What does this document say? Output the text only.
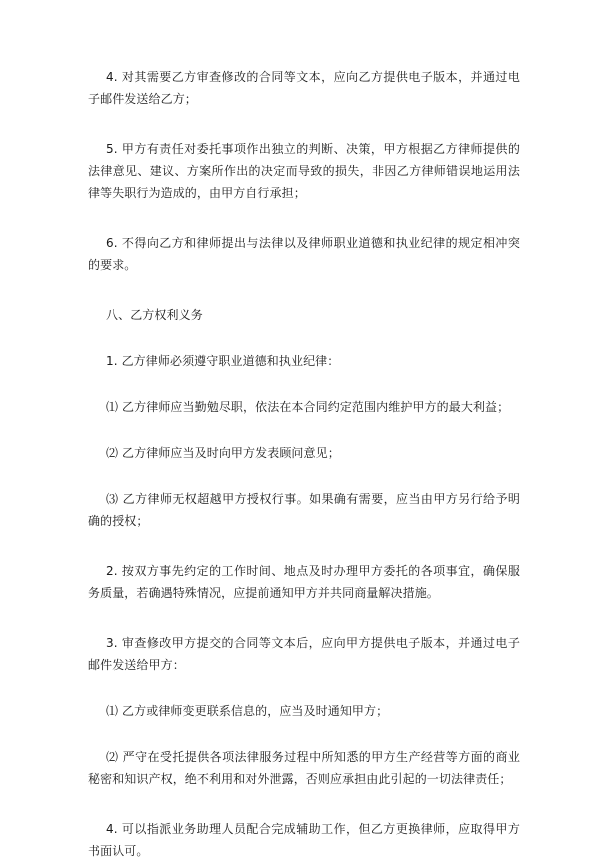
4. 对其需要乙方审查修改的合同等文本，应向乙方提供电子版本，并通过电子邮件发送给乙方；

5. 甲方有责任对委托事项作出独立的判断、决策，甲方根据乙方律师提供的法律意见、建议、方案所作出的决定而导致的损失，非因乙方律师错误地运用法律等失职行为造成的，由甲方自行承担；

6. 不得向乙方和律师提出与法律以及律师职业道德和执业纪律的规定相冲突的要求。

八、乙方权利义务

1. 乙方律师必须遵守职业道德和执业纪律：

⑴ 乙方律师应当勤勉尽职，依法在本合同约定范围内维护甲方的最大利益；

⑵ 乙方律师应当及时向甲方发表顾问意见；

⑶ 乙方律师无权超越甲方授权行事。如果确有需要，应当由甲方另行给予明确的授权；

2. 按双方事先约定的工作时间、地点及时办理甲方委托的各项事宜，确保服务质量，若确遇特殊情况，应提前通知甲方并共同商量解决措施。

3. 审查修改甲方提交的合同等文本后，应向甲方提供电子版本，并通过电子邮件发送给甲方：

⑴ 乙方或律师变更联系信息的，应当及时通知甲方；

⑵ 严守在受托提供各项法律服务过程中所知悉的甲方生产经营等方面的商业秘密和知识产权，绝不利用和对外泄露，否则应承担由此引起的一切法律责任；

4. 可以指派业务助理人员配合完成辅助工作，但乙方更换律师，应取得甲方书面认可。
